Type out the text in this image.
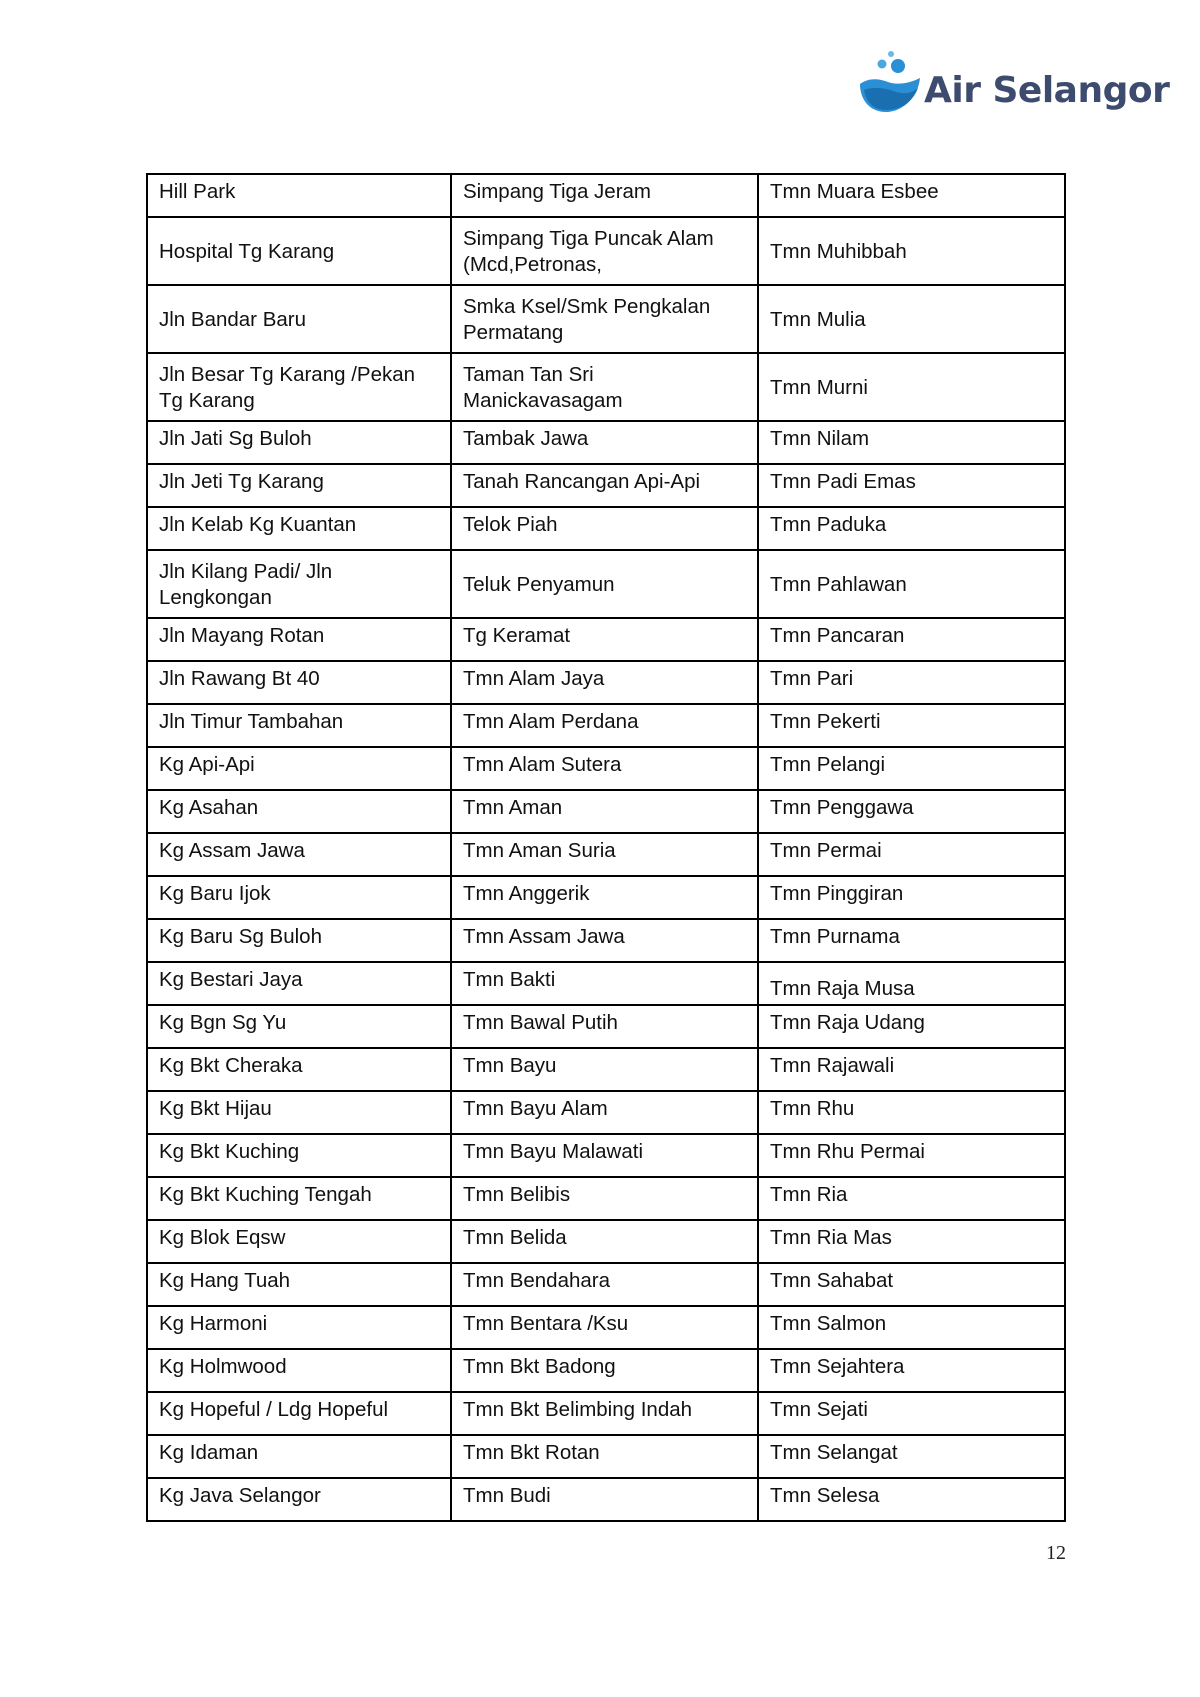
Air Selangor
Hill Park	Simpang Tiga Jeram	Tmn Muara Esbee
Hospital Tg Karang	Simpang Tiga Puncak Alam (Mcd,Petronas,	Tmn Muhibbah
Jln Bandar Baru	Smka Ksel/Smk Pengkalan Permatang	Tmn Mulia
Jln Besar Tg Karang /Pekan Tg Karang	Taman Tan Sri Manickavasagam	Tmn Murni
Jln Jati Sg Buloh	Tambak Jawa	Tmn Nilam
Jln Jeti Tg Karang	Tanah Rancangan Api-Api	Tmn Padi Emas
Jln Kelab Kg Kuantan	Telok Piah	Tmn Paduka
Jln Kilang Padi/ Jln Lengkongan	Teluk Penyamun	Tmn Pahlawan
Jln Mayang Rotan	Tg Keramat	Tmn Pancaran
Jln Rawang Bt 40	Tmn Alam Jaya	Tmn Pari
Jln Timur Tambahan	Tmn Alam Perdana	Tmn Pekerti
Kg Api-Api	Tmn Alam Sutera	Tmn Pelangi
Kg Asahan	Tmn Aman	Tmn Penggawa
Kg Assam Jawa	Tmn Aman Suria	Tmn Permai
Kg Baru Ijok	Tmn Anggerik	Tmn Pinggiran
Kg Baru Sg Buloh	Tmn Assam Jawa	Tmn Purnama
Kg Bestari Jaya	Tmn Bakti	Tmn Raja Musa
Kg Bgn Sg Yu	Tmn Bawal Putih	Tmn Raja Udang
Kg Bkt Cheraka	Tmn Bayu	Tmn Rajawali
Kg Bkt Hijau	Tmn Bayu Alam	Tmn Rhu
Kg Bkt Kuching	Tmn Bayu Malawati	Tmn Rhu Permai
Kg Bkt Kuching Tengah	Tmn Belibis	Tmn Ria
Kg Blok Eqsw	Tmn Belida	Tmn Ria Mas
Kg Hang Tuah	Tmn Bendahara	Tmn Sahabat
Kg Harmoni	Tmn Bentara /Ksu	Tmn Salmon
Kg Holmwood	Tmn Bkt Badong	Tmn Sejahtera
Kg Hopeful / Ldg Hopeful	Tmn Bkt Belimbing Indah	Tmn Sejati
Kg Idaman	Tmn Bkt Rotan	Tmn Selangat
Kg Java Selangor	Tmn Budi	Tmn Selesa
12
